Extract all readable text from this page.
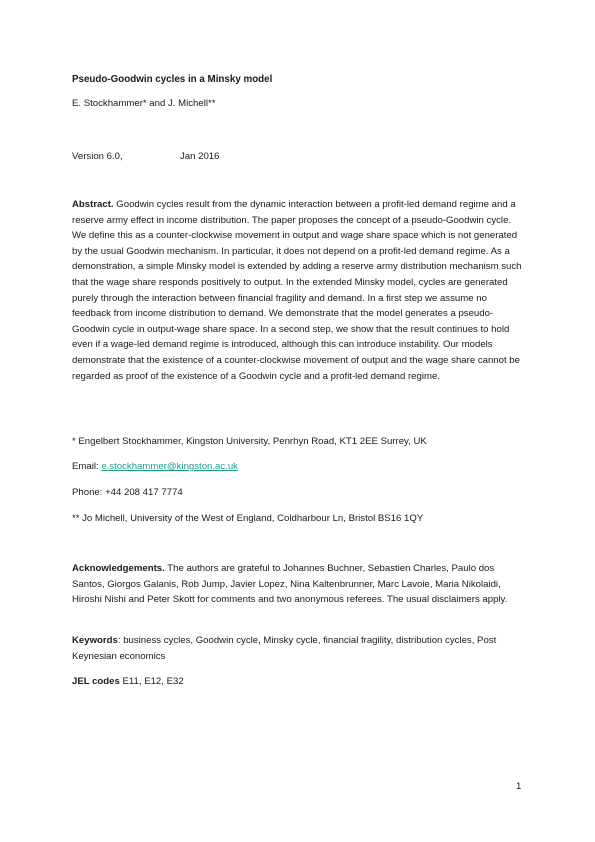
Pseudo-Goodwin cycles in a Minsky model
E. Stockhammer* and J. Michell**
Version 6.0,	Jan 2016
Abstract. Goodwin cycles result from the dynamic interaction between a profit-led demand regime and a reserve army effect in income distribution. The paper proposes the concept of a pseudo-Goodwin cycle. We define this as a counter-clockwise movement in output and wage share space which is not generated by the usual Goodwin mechanism. In particular, it does not depend on a profit-led demand regime. As a demonstration, a simple Minsky model is extended by adding a reserve army distribution mechanism such that the wage share responds positively to output. In the extended Minsky model, cycles are generated purely through the interaction between financial fragility and demand. In a first step we assume no feedback from income distribution to demand. We demonstrate that the model generates a pseudo-Goodwin cycle in output-wage share space. In a second step, we show that the result continues to hold even if a wage-led demand regime is introduced, although this can introduce instability. Our models demonstrate that the existence of a counter-clockwise movement of output and the wage share cannot be regarded as proof of the existence of a Goodwin cycle and a profit-led demand regime.
* Engelbert Stockhammer, Kingston University, Penrhyn Road, KT1 2EE Surrey, UK
Email: e.stockhammer@kingston.ac.uk
Phone: +44 208 417 7774
** Jo Michell, University of the West of England, Coldharbour Ln, Bristol BS16 1QY
Acknowledgements. The authors are grateful to Johannes Buchner, Sebastien Charles, Paulo dos Santos, Giorgos Galanis, Rob Jump, Javier Lopez, Nina Kaltenbrunner, Marc Lavoie, Maria Nikolaidi, Hiroshi Nishi and Peter Skott for comments and two anonymous referees. The usual disclaimers apply.
Keywords: business cycles, Goodwin cycle, Minsky cycle, financial fragility, distribution cycles, Post Keynesian economics
JEL codes E11, E12, E32
1
